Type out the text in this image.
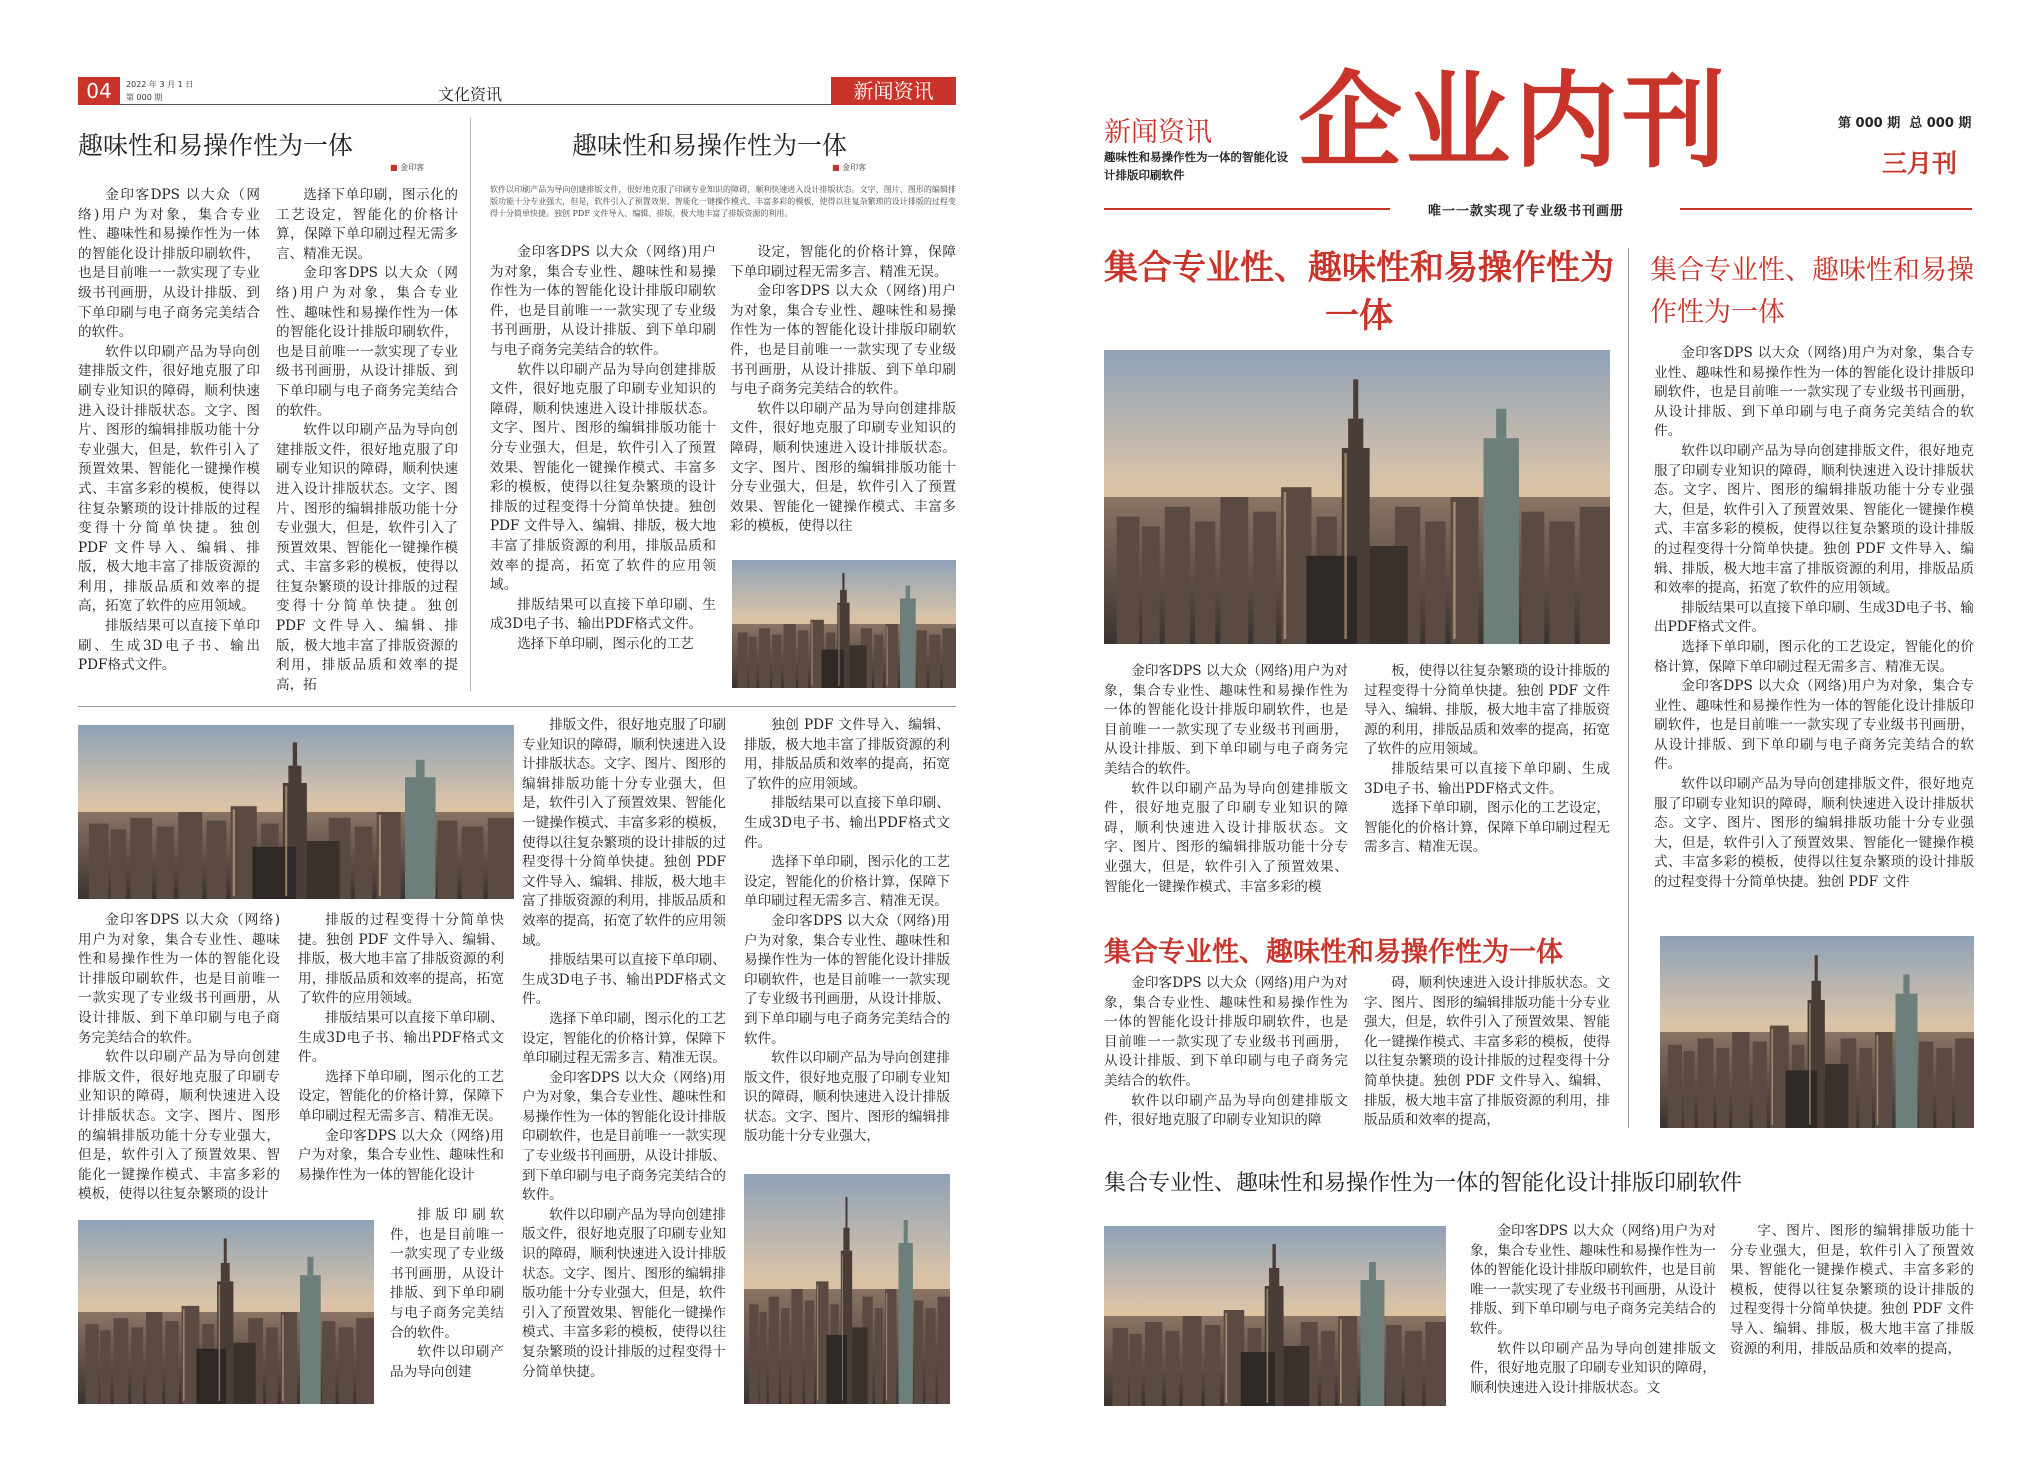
04	2022 年 3 月 1 日
第 000 期	文化资讯	新闻资讯
趣味性和易操作性为一体
■ 金印客

金印客DPS 以大众（网络)用户为对象，集合专业性、趣味性和易操作性为一体的智能化设计排版印刷软件，也是目前唯一一款实现了专业级书刊画册，从设计排版、到下单印刷与电子商务完美结合的软件。

软件以印刷产品为导向创建排版文件，很好地克服了印刷专业知识的障碍，顺利快速进入设计排版状态。文字、图片、图形的编辑排版功能十分专业强大，但是，软件引入了预置效果、智能化一键操作模式、丰富多彩的模板，使得以往复杂繁琐的设计排版的过程变得十分简单快捷。独创 PDF 文件导入、编辑、排版，极大地丰富了排版资源的利用，排版品质和效率的提高，拓宽了软件的应用领域。

排版结果可以直接下单印刷、生成3D电子书、输出PDF格式文件。

选择下单印刷，图示化的工艺设定，智能化的价格计算，保障下单印刷过程无需多言、精准无误。

金印客DPS 以大众（网络)用户为对象，集合专业性、趣味性和易操作性为一体的智能化设计排版印刷软件，也是目前唯一一款实现了专业级书刊画册，从设计排版、到下单印刷与电子商务完美结合的软件。

软件以印刷产品为导向创建排版文件，很好地克服了印刷专业知识的障碍，顺利快速进入设计排版状态。文字、图片、图形的编辑排版功能十分专业强大，但是，软件引入了预置效果、智能化一键操作模式、丰富多彩的模板，使得以往复杂繁琐的设计排版的过程变得十分简单快捷。独创 PDF 文件导入、编辑、排版，极大地丰富了排版资源的利用，排版品质和效率的提高，拓

趣味性和易操作性为一体
■ 金印客
软件以印刷产品为导向创建排版文件，很好地克服了印刷专业知识的障碍，顺利快速进入设计排版状态。文字、图片、图形的编辑排版功能十分专业强大，但是，软件引入了预置效果、智能化一键操作模式、丰富多彩的模板，使得以往复杂繁琐的设计排版的过程变得十分简单快捷。独创 PDF 文件导入、编辑、排版，极大地丰富了排版资源的利用。

金印客DPS 以大众（网络)用户为对象，集合专业性、趣味性和易操作性为一体的智能化设计排版印刷软件，也是目前唯一一款实现了专业级书刊画册，从设计排版、到下单印刷与电子商务完美结合的软件。

软件以印刷产品为导向创建排版文件，很好地克服了印刷专业知识的障碍，顺利快速进入设计排版状态。文字、图片、图形的编辑排版功能十分专业强大，但是，软件引入了预置效果、智能化一键操作模式、丰富多彩的模板，使得以往复杂繁琐的设计排版的过程变得十分简单快捷。独创 PDF 文件导入、编辑、排版，极大地丰富了排版资源的利用，排版品质和效率的提高，拓宽了软件的应用领域。

排版结果可以直接下单印刷、生成3D电子书、输出PDF格式文件。

选择下单印刷，图示化的工艺

设定，智能化的价格计算，保障下单印刷过程无需多言、精准无误。

金印客DPS 以大众（网络)用户为对象，集合专业性、趣味性和易操作性为一体的智能化设计排版印刷软件，也是目前唯一一款实现了专业级书刊画册，从设计排版、到下单印刷与电子商务完美结合的软件。

软件以印刷产品为导向创建排版文件，很好地克服了印刷专业知识的障碍，顺利快速进入设计排版状态。文字、图片、图形的编辑排版功能十分专业强大，但是，软件引入了预置效果、智能化一键操作模式、丰富多彩的模板，使得以往

金印客DPS 以大众（网络)用户为对象，集合专业性、趣味性和易操作性为一体的智能化设计排版印刷软件，也是目前唯一一款实现了专业级书刊画册，从设计排版、到下单印刷与电子商务完美结合的软件。

软件以印刷产品为导向创建排版文件，很好地克服了印刷专业知识的障碍，顺利快速进入设计排版状态。文字、图片、图形的编辑排版功能十分专业强大，但是，软件引入了预置效果、智能化一键操作模式、丰富多彩的模板，使得以往复杂繁琐的设计

排版的过程变得十分简单快捷。独创 PDF 文件导入、编辑、排版，极大地丰富了排版资源的利用，排版品质和效率的提高，拓宽了软件的应用领域。

排版结果可以直接下单印刷、生成3D电子书、输出PDF格式文件。

选择下单印刷，图示化的工艺设定，智能化的价格计算，保障下单印刷过程无需多言、精准无误。

金印客DPS 以大众（网络)用户为对象，集合专业性、趣味性和易操作性为一体的智能化设计

排版印刷软件，也是目前唯一一款实现了专业级书刊画册，从设计排版、到下单印刷与电子商务完美结合的软件。

软件以印刷产品为导向创建

排版文件，很好地克服了印刷专业知识的障碍，顺利快速进入设计排版状态。文字、图片、图形的编辑排版功能十分专业强大，但是，软件引入了预置效果、智能化一键操作模式、丰富多彩的模板，使得以往复杂繁琐的设计排版的过程变得十分简单快捷。独创 PDF 文件导入、编辑、排版，极大地丰富了排版资源的利用，排版品质和效率的提高，拓宽了软件的应用领域。

排版结果可以直接下单印刷、生成3D电子书、输出PDF格式文件。

选择下单印刷，图示化的工艺设定，智能化的价格计算，保障下单印刷过程无需多言、精准无误。

金印客DPS 以大众（网络)用户为对象，集合专业性、趣味性和易操作性为一体的智能化设计排版印刷软件，也是目前唯一一款实现了专业级书刊画册，从设计排版、到下单印刷与电子商务完美结合的软件。

软件以印刷产品为导向创建排版文件，很好地克服了印刷专业知识的障碍，顺利快速进入设计排版状态。文字、图片、图形的编辑排版功能十分专业强大，但是，软件引入了预置效果、智能化一键操作模式、丰富多彩的模板，使得以往复杂繁琐的设计排版的过程变得十分简单快捷。

独创 PDF 文件导入、编辑、排版，极大地丰富了排版资源的利用，排版品质和效率的提高，拓宽了软件的应用领域。

排版结果可以直接下单印刷、生成3D电子书、输出PDF格式文件。

选择下单印刷，图示化的工艺设定，智能化的价格计算，保障下单印刷过程无需多言、精准无误。

金印客DPS 以大众（网络)用户为对象，集合专业性、趣味性和易操作性为一体的智能化设计排版印刷软件，也是目前唯一一款实现了专业级书刊画册，从设计排版、到下单印刷与电子商务完美结合的软件。

软件以印刷产品为导向创建排版文件，很好地克服了印刷专业知识的障碍，顺利快速进入设计排版状态。文字、图片、图形的编辑排版功能十分专业强大，

新闻资讯
趣味性和易操作性为一体的智能化设计排版印刷软件	企业内刊	第 000 期  总 000 期
三月刊
唯一一款实现了专业级书刊画册
集合专业性、趣味性和易操作性为一体

金印客DPS 以大众（网络)用户为对象，集合专业性、趣味性和易操作性为一体的智能化设计排版印刷软件，也是目前唯一一款实现了专业级书刊画册，从设计排版、到下单印刷与电子商务完美结合的软件。

软件以印刷产品为导向创建排版文件，很好地克服了印刷专业知识的障碍，顺利快速进入设计排版状态。文字、图片、图形的编辑排版功能十分专业强大，但是，软件引入了预置效果、智能化一键操作模式、丰富多彩的模

板，使得以往复杂繁琐的设计排版的过程变得十分简单快捷。独创 PDF 文件导入、编辑、排版，极大地丰富了排版资源的利用，排版品质和效率的提高，拓宽了软件的应用领域。

排版结果可以直接下单印刷、生成3D电子书、输出PDF格式文件。

选择下单印刷，图示化的工艺设定，智能化的价格计算，保障下单印刷过程无需多言、精准无误。

集合专业性、趣味性和易操作性为一体

金印客DPS 以大众（网络)用户为对象，集合专业性、趣味性和易操作性为一体的智能化设计排版印刷软件，也是目前唯一一款实现了专业级书刊画册，从设计排版、到下单印刷与电子商务完美结合的软件。

软件以印刷产品为导向创建排版文件，很好地克服了印刷专业知识的障

碍，顺利快速进入设计排版状态。文字、图片、图形的编辑排版功能十分专业强大，但是，软件引入了预置效果、智能化一键操作模式、丰富多彩的模板，使得以往复杂繁琐的设计排版的过程变得十分简单快捷。独创 PDF 文件导入、编辑、排版，极大地丰富了排版资源的利用，排版品质和效率的提高，

集合专业性、趣味性和易操作性为一体

金印客DPS 以大众（网络)用户为对象，集合专业性、趣味性和易操作性为一体的智能化设计排版印刷软件，也是目前唯一一款实现了专业级书刊画册，从设计排版、到下单印刷与电子商务完美结合的软件。

软件以印刷产品为导向创建排版文件，很好地克服了印刷专业知识的障碍，顺利快速进入设计排版状态。文字、图片、图形的编辑排版功能十分专业强大，但是，软件引入了预置效果、智能化一键操作模式、丰富多彩的模板，使得以往复杂繁琐的设计排版的过程变得十分简单快捷。独创 PDF 文件导入、编辑、排版，极大地丰富了排版资源的利用，排版品质和效率的提高，拓宽了软件的应用领域。

排版结果可以直接下单印刷、生成3D电子书、输出PDF格式文件。

选择下单印刷，图示化的工艺设定，智能化的价格计算，保障下单印刷过程无需多言、精准无误。

金印客DPS 以大众（网络)用户为对象，集合专业性、趣味性和易操作性为一体的智能化设计排版印刷软件，也是目前唯一一款实现了专业级书刊画册，从设计排版、到下单印刷与电子商务完美结合的软件。

软件以印刷产品为导向创建排版文件，很好地克服了印刷专业知识的障碍，顺利快速进入设计排版状态。文字、图片、图形的编辑排版功能十分专业强大，但是，软件引入了预置效果、智能化一键操作模式、丰富多彩的模板，使得以往复杂繁琐的设计排版的过程变得十分简单快捷。独创 PDF 文件

集合专业性、趣味性和易操作性为一体的智能化设计排版印刷软件

金印客DPS 以大众（网络)用户为对象，集合专业性、趣味性和易操作性为一体的智能化设计排版印刷软件，也是目前唯一一款实现了专业级书刊画册，从设计排版、到下单印刷与电子商务完美结合的软件。

软件以印刷产品为导向创建排版文件，很好地克服了印刷专业知识的障碍，顺利快速进入设计排版状态。文

字、图片、图形的编辑排版功能十分专业强大，但是，软件引入了预置效果、智能化一键操作模式、丰富多彩的模板，使得以往复杂繁琐的设计排版的过程变得十分简单快捷。独创 PDF 文件导入、编辑、排版，极大地丰富了排版资源的利用，排版品质和效率的提高，
